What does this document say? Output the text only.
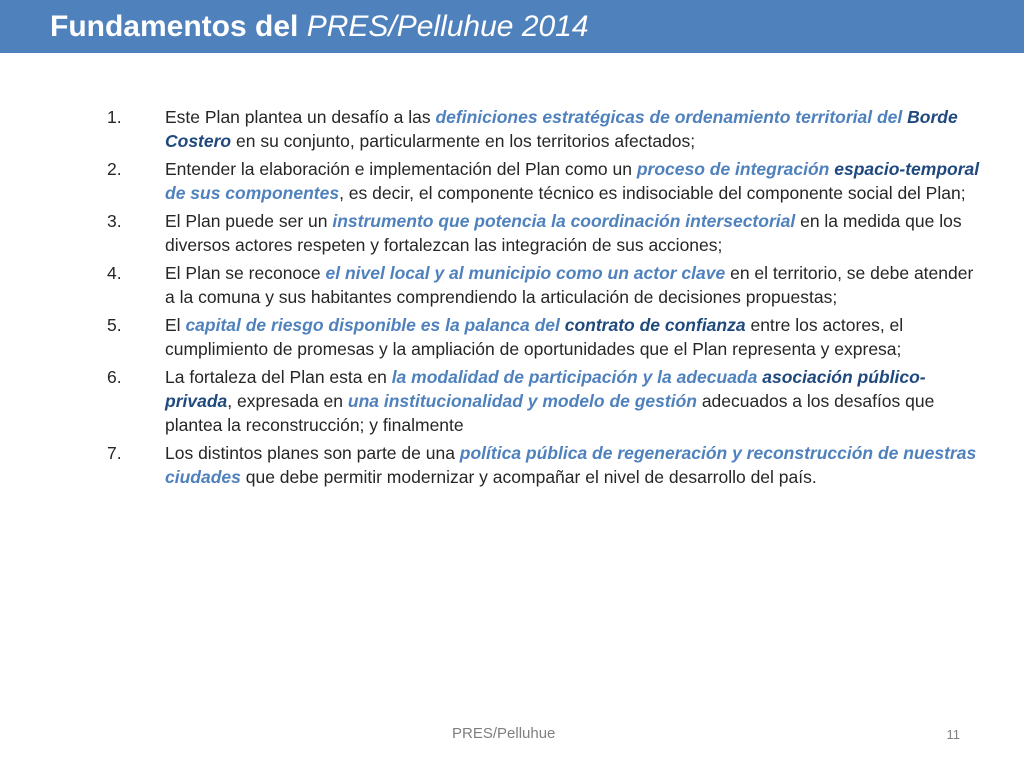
Fundamentos del PRES/Pelluhue 2014
1. Este Plan plantea un desafío a las definiciones estratégicas de ordenamiento territorial del Borde Costero en su conjunto, particularmente en los territorios afectados;
2. Entender la elaboración e implementación del Plan como un proceso de integración espacio-temporal de sus componentes, es decir, el componente técnico es indisociable del componente social del Plan;
3. El Plan puede ser un instrumento que potencia la coordinación intersectorial en la medida que los diversos actores respeten y fortalezcan las integración de sus acciones;
4. El Plan se reconoce el nivel local y al municipio como un actor clave en el territorio, se debe atender a la comuna y sus habitantes comprendiendo la articulación de decisiones propuestas;
5. El capital de riesgo disponible es la palanca del contrato de confianza entre los actores, el cumplimiento de promesas y la ampliación de oportunidades que el Plan representa y expresa;
6. La fortaleza del Plan esta en la modalidad de participación y la adecuada asociación público-privada, expresada en una institucionalidad y modelo de gestión adecuados a los desafíos que plantea la reconstrucción; y finalmente
7. Los distintos planes son parte de una política pública de regeneración y reconstrucción de nuestras ciudades que debe permitir modernizar y acompañar el nivel de desarrollo del país.
PRES/Pelluhue	11
